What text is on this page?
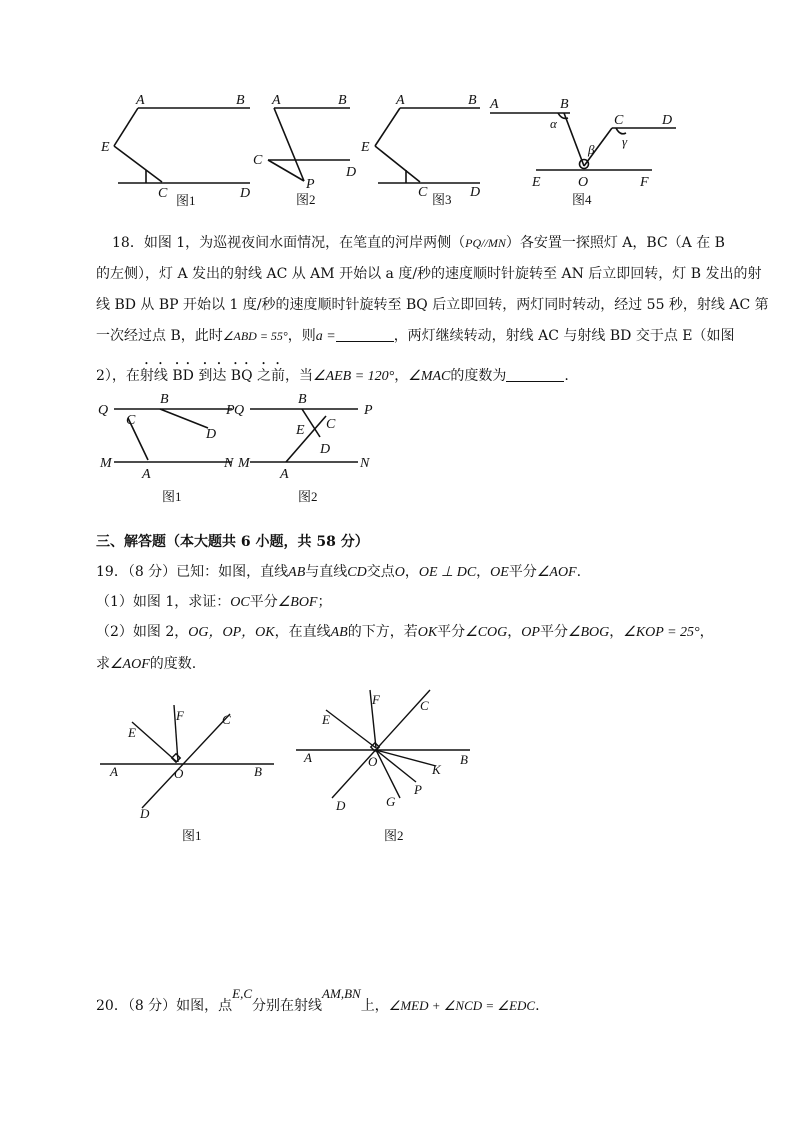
A	B
E
C	D
图1
A	B
C
D
P
图2
A	B
E
C	D
图3
A	B
C	D
α
β
γ
E	O	F
图4
18．如图 1，为巡视夜间水面情况，在笔直的河岸两侧（PQ//MN）各安置一探照灯 A，BC（A 在 B
的左侧），灯 A 发出的射线 AC 从 AM 开始以 a 度/秒的速度顺时针旋转至 AN 后立即回转，灯 B 发出的射
线 BD 从 BP 开始以 1 度/秒的速度顺时针旋转至 BQ 后立即回转，两灯同时转动，经过 55 秒，射线 AC 第
一次经过点 B，此时∠ABD = 55°，则a =	，两灯继续转动，射线 AC 与射线 BD 交于点 E（如图
2），在射线 BD 到达 BQ 之前，当∠AEB = 120°，∠MAC的度数为	.
Q
B
P
C
D
M
A
N
图1
Q
B
P
E C
D
M
A
N
图2
三、解答题（本大题共 6 小题，共 58 分）
19．（8 分）已知：如图，直线AB与直线CD交点O，OE ⊥ DC，OE平分∠AOF.
（1）如图 1，求证：OC平分∠BOF；
（2）如图 2，OG，OP，OK，在直线AB的下方，若OK平分∠COG，OP平分∠BOG，∠KOP = 25°，
求∠AOF的度数.
F	C
E
A	O	B
D
图1
F	C
E
A	O	B
K
P
G
D
图2
20．（8 分）如图，点E,C分别在射线AM,BN上，∠MED + ∠NCD = ∠EDC.
